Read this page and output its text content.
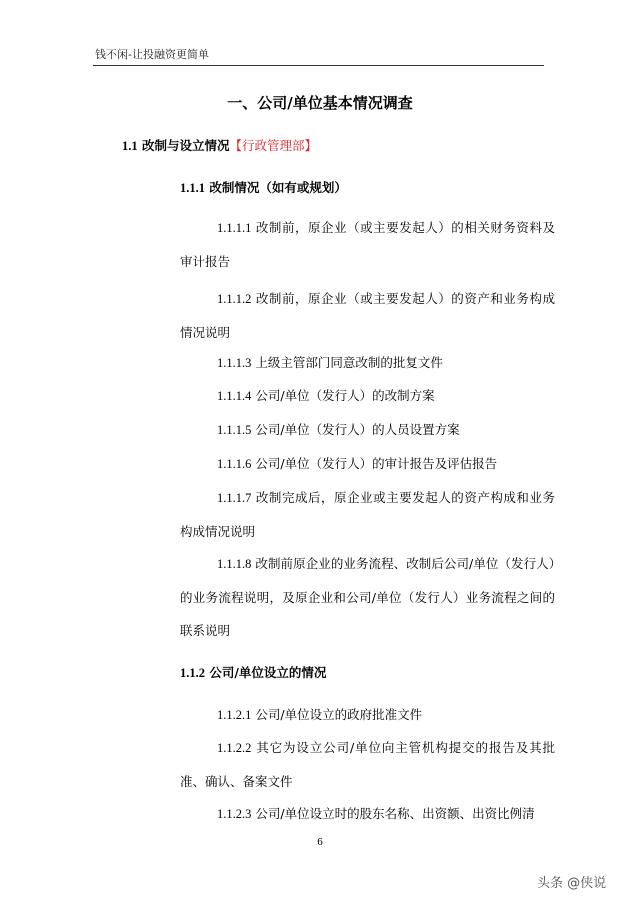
钱不闲-让投融资更简单
一、公司/单位基本情况调查
1.1 改制与设立情况【行政管理部】
1.1.1 改制情况（如有或规划）
1.1.1.1 改制前，原企业（或主要发起人）的相关财务资料及审计报告
1.1.1.2 改制前，原企业（或主要发起人）的资产和业务构成情况说明
1.1.1.3 上级主管部门同意改制的批复文件
1.1.1.4 公司/单位（发行人）的改制方案
1.1.1.5 公司/单位（发行人）的人员设置方案
1.1.1.6 公司/单位（发行人）的审计报告及评估报告
1.1.1.7 改制完成后，原企业或主要发起人的资产构成和业务构成情况说明
1.1.1.8 改制前原企业的业务流程、改制后公司/单位（发行人）的业务流程说明，及原企业和公司/单位（发行人）业务流程之间的联系说明
1.1.2 公司/单位设立的情况
1.1.2.1 公司/单位设立的政府批准文件
1.1.2.2 其它为设立公司/单位向主管机构提交的报告及其批准、确认、备案文件
1.1.2.3 公司/单位设立时的股东名称、出资额、出资比例清
6
头条 @侠说
